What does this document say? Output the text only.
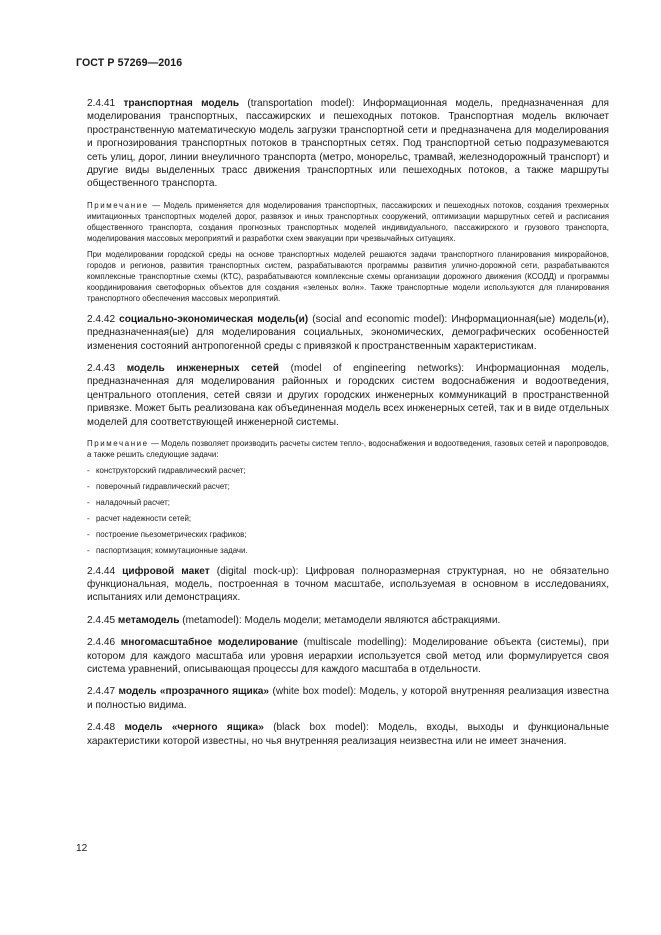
ГОСТ Р 57269—2016

2.4.41 транспортная модель (transportation model): Информационная модель, предназначенная для моделирования транспортных, пассажирских и пешеходных потоков. Транспортная модель включает пространственную математическую модель загрузки транспортной сети и предназначена для моделирования и прогнозирования транспортных потоков в транспортных сетях. Под транспортной сетью подразумеваются сеть улиц, дорог, линии внеуличного транспорта (метро, монорельс, трамвай, железнодорожный транспорт) и другие виды выделенных трасс движения транспортных или пешеходных потоков, а также маршруты общественного транспорта.

Примечание — Модель применяется для моделирования транспортных, пассажирских и пешеходных потоков, создания трехмерных имитационных транспортных моделей дорог, развязок и иных транспортных сооружений, оптимизации маршрутных сетей и расписания общественного транспорта, создания прогнозных транспортных моделей индивидуального, пассажирского и грузового транспорта, моделирования массовых мероприятий и разработки схем эвакуации при чрезвычайных ситуациях.

При моделировании городской среды на основе транспортных моделей решаются задачи транспортного планирования микрорайонов, городов и регионов, развития транспортных систем, разрабатываются программы развития улично-дорожной сети, разрабатываются комплексные транспортные схемы (КТС), разрабатываются комплексные схемы организации дорожного движения (КСОДД) и программы координирования светофорных объектов для создания «зеленых волн». Также транспортные модели используются для планирования транспортного обеспечения массовых мероприятий.

2.4.42 социально-экономическая модель(и) (social and economic model): Информационная(ые) модель(и), предназначенная(ые) для моделирования социальных, экономических, демографических особенностей изменения состояний антропогенной среды с привязкой к пространственным характеристикам.

2.4.43 модель инженерных сетей (model of engineering networks): Информационная модель, предназначенная для моделирования районных и городских систем водоснабжения и водоотведения, центрального отопления, сетей связи и других городских инженерных коммуникаций в пространственной привязке. Может быть реализована как объединенная модель всех инженерных сетей, так и в виде отдельных моделей для соответствующей инженерной системы.

Примечание — Модель позволяет производить расчеты систем тепло-, водоснабжения и водоотведения, газовых сетей и паропроводов, а также решить следующие задачи:

- конструкторский гидравлический расчет;
- поверочный гидравлический расчет;
- наладочный расчет;
- расчет надежности сетей;
- построение пьезометрических графиков;
- паспортизация; коммутационные задачи.

2.4.44 цифровой макет (digital mock-up): Цифровая полноразмерная структурная, но не обязательно функциональная, модель, построенная в точном масштабе, используемая в основном в исследованиях, испытаниях или демонстрациях.

2.4.45 метамодель (metamodel): Модель модели; метамодели являются абстракциями.

2.4.46 многомасштабное моделирование (multiscale modelling): Моделирование объекта (системы), при котором для каждого масштаба или уровня иерархии используется свой метод или формулируется своя система уравнений, описывающая процессы для каждого масштаба в отдельности.

2.4.47 модель «прозрачного ящика» (white box model): Модель, у которой внутренняя реализация известна и полностью видима.

2.4.48 модель «черного ящика» (black box model): Модель, входы, выходы и функциональные характеристики которой известны, но чья внутренняя реализация неизвестна или не имеет значения.

12
